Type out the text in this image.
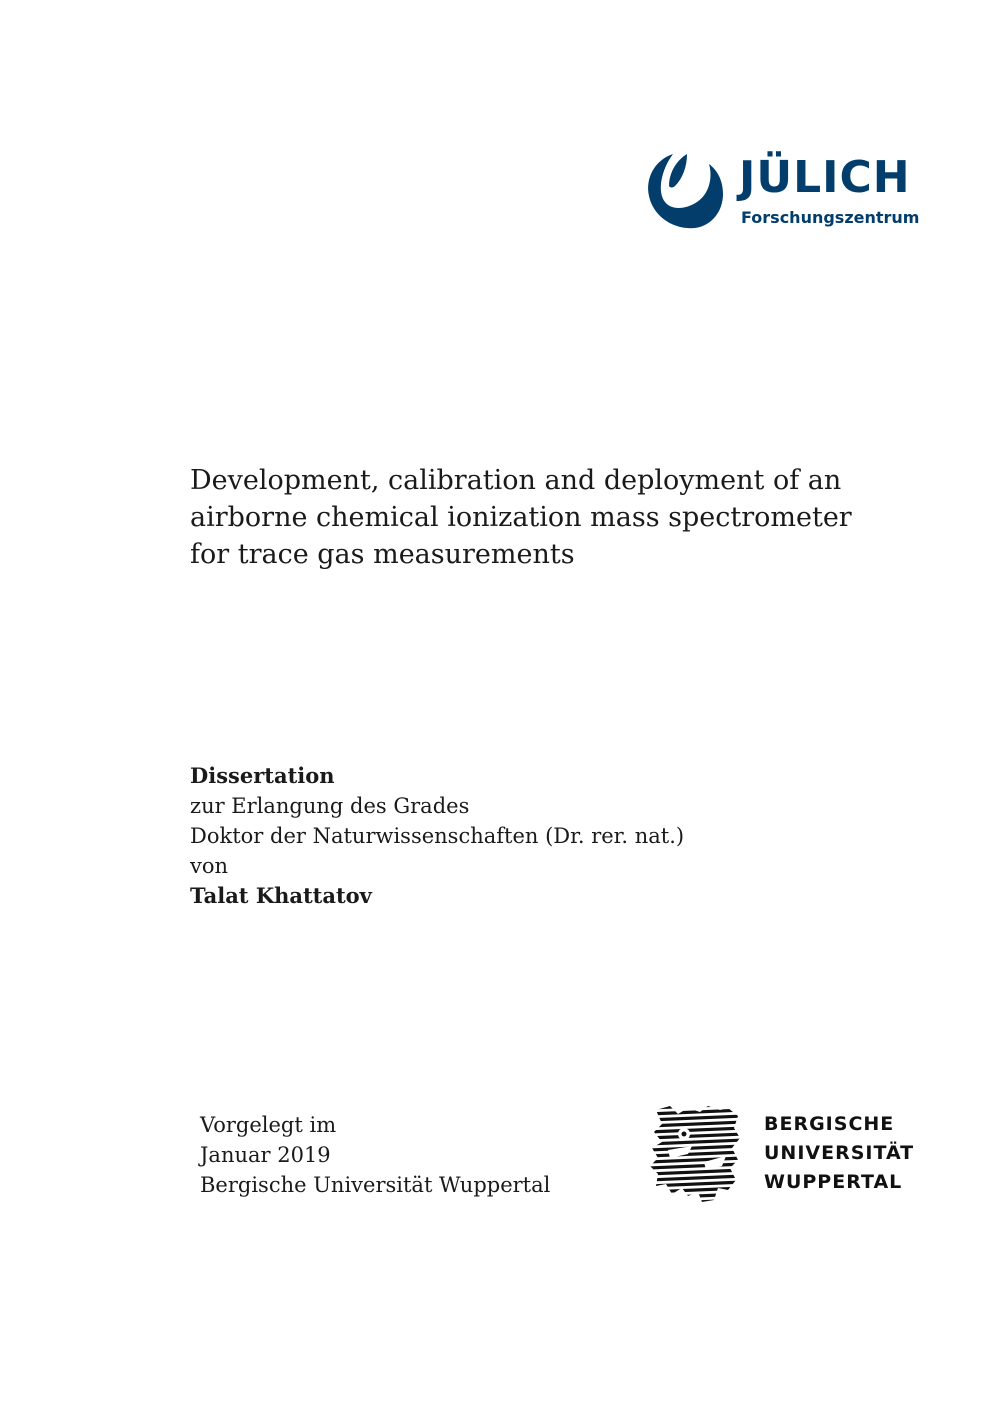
JÜLICH
Forschungszentrum
Development, calibration and deployment of an
airborne chemical ionization mass spectrometer
for trace gas measurements
Dissertation
zur Erlangung des Grades
Doktor der Naturwissenschaften (Dr. rer. nat.)
von
Talat Khattatov
Vorgelegt im
Januar 2019
Bergische Universität Wuppertal
BERGISCHE
UNIVERSITÄT
WUPPERTAL
